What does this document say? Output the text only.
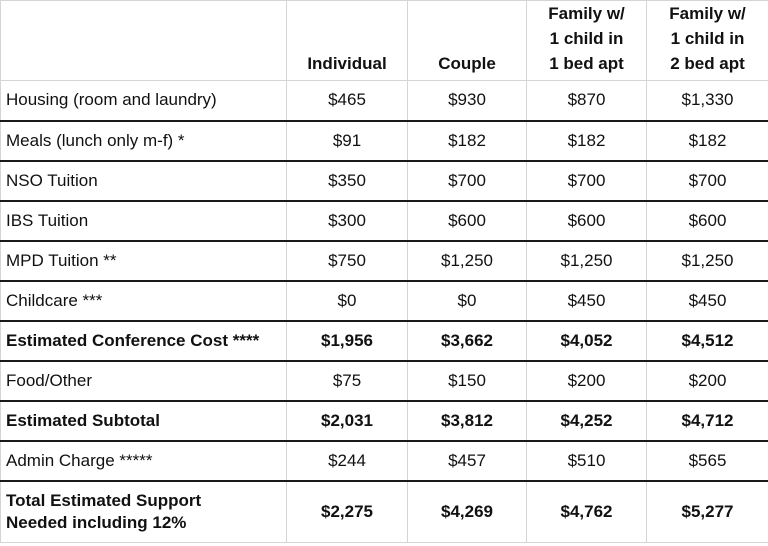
	Individual	Couple	Family w/
1 child in
1 bed apt	Family w/
1 child in
2 bed apt

Housing (room and laundry)	$465	$930	$870	$1,330
Meals (lunch only m-f) *	$91	$182	$182	$182
NSO Tuition	$350	$700	$700	$700
IBS Tuition	$300	$600	$600	$600
MPD Tuition **	$750	$1,250	$1,250	$1,250
Childcare ***	$0	$0	$450	$450
Estimated Conference Cost ****	$1,956	$3,662	$4,052	$4,512
Food/Other	$75	$150	$200	$200
Estimated Subtotal	$2,031	$3,812	$4,252	$4,712
Admin Charge *****	$244	$457	$510	$565

Total Estimated Support
Needed including 12%	$2,275	$4,269	$4,762	$5,277
